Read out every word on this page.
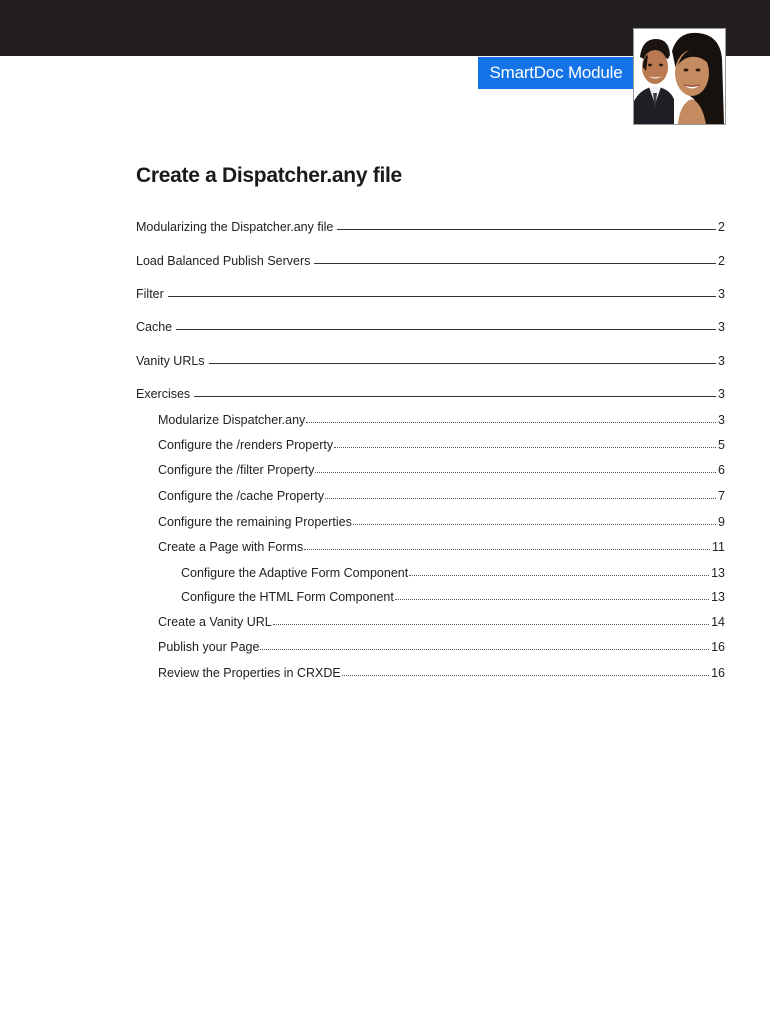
SmartDoc Module
Create a Dispatcher.any file
Modularizing the Dispatcher.any file	2
Load Balanced Publish Servers	2
Filter	3
Cache	3
Vanity URLs	3
Exercises	3
Modularize Dispatcher.any	3
Configure the /renders Property	5
Configure the /filter Property	6
Configure the /cache Property	7
Configure the remaining Properties	9
Create a Page with Forms	11
Configure the Adaptive Form Component	13
Configure the HTML Form Component	13
Create a Vanity URL	14
Publish your Page	16
Review the Properties in CRXDE	16
